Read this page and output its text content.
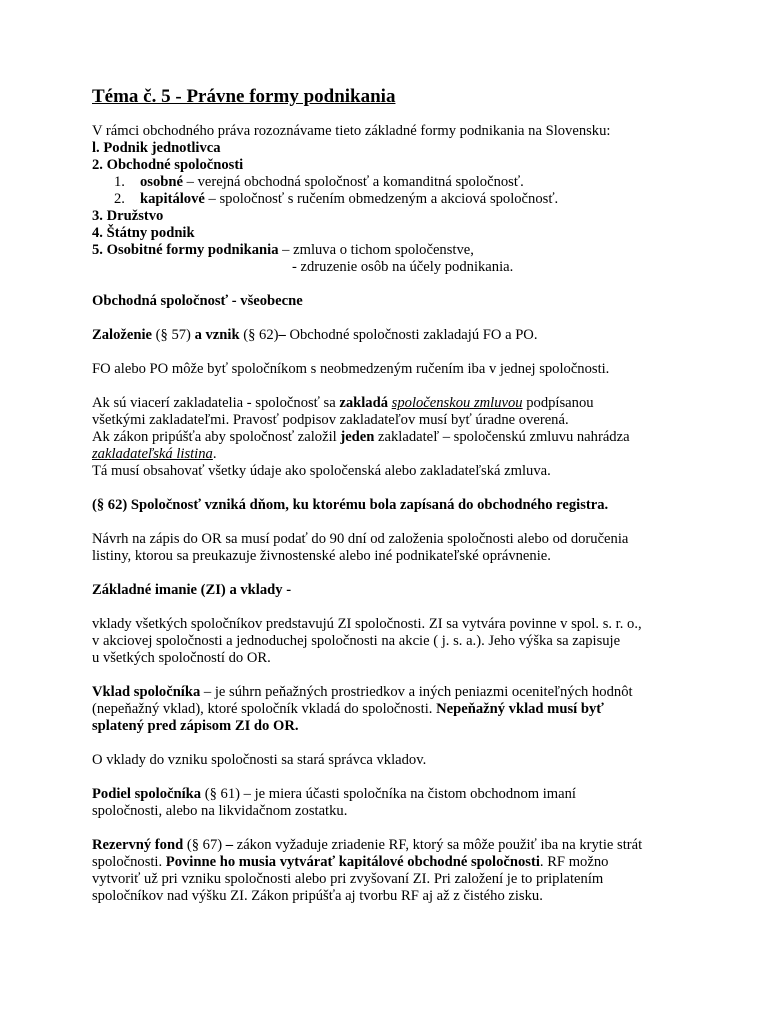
Téma č. 5 - Právne formy podnikania
V rámci obchodného práva rozoznávame tieto základné formy podnikania na Slovensku:
l. Podnik jednotlivca
2. Obchodné spoločnosti
1. osobné – verejná obchodná spoločnosť a komanditná spoločnosť.
2. kapitálové – spoločnosť s ručením obmedzeným a akciová spoločnosť.
3. Družstvo
4. Štátny podnik
5. Osobitné formy podnikania – zmluva o tichom spoločenstve,
- zdruzenie osôb na účely podnikania.
Obchodná spoločnosť - všeobecne
Založenie (§ 57) a vznik (§ 62)– Obchodné spoločnosti zakladajú FO a PO.
FO alebo PO môže byť spoločníkom s neobmedzeným ručením iba v jednej spoločnosti.
Ak sú viacerí zakladatelia - spoločnosť sa zakladá spoločenskou zmluvou podpísanou
všetkými zakladateľmi. Pravosť podpisov zakladateľov musí byť úradne overená.
Ak zákon pripúšťa aby spoločnosť založil jeden zakladateľ – spoločenskú zmluvu nahrádza
zakladateľská listina.
Tá musí obsahovať všetky údaje ako spoločenská alebo zakladateľská zmluva.
(§ 62) Spoločnosť vzniká dňom, ku ktorému bola zapísaná do obchodného registra.
Návrh na zápis do OR sa musí podať do 90 dní od založenia spoločnosti alebo od doručenia
listiny, ktorou sa preukazuje živnostenské alebo iné podnikateľské oprávnenie.
Základné imanie (ZI) a vklady -
vklady všetkých spoločníkov predstavujú ZI spoločnosti. ZI sa vytvára povinne v spol. s. r. o.,
v akciovej spoločnosti a jednoduchej spoločnosti na akcie ( j. s. a.). Jeho výška sa zapisuje
u všetkých spoločností do OR.
Vklad spoločníka – je súhrn peňažných prostriedkov a iných peniazmi oceniteľných hodnôt
(nepeňažný vklad), ktoré spoločník vkladá do spoločnosti. Nepeňažný vklad musí byť
splatený pred zápisom ZI do OR.
O vklady do vzniku spoločnosti sa stará správca vkladov.
Podiel spoločníka (§ 61) – je miera účasti spoločníka na čistom obchodnom imaní
spoločnosti, alebo na likvidačnom zostatku.
Rezervný fond (§ 67) – zákon vyžaduje zriadenie RF, ktorý sa môže použiť iba na krytie strát
spoločnosti. Povinne ho musia vytvárať kapitálové obchodné spoločnosti. RF možno
vytvoriť už pri vzniku spoločnosti alebo pri zvyšovaní ZI. Pri založení je to priplatením
spoločníkov nad výšku ZI. Zákon pripúšťa aj tvorbu RF aj až z čistého zisku.
